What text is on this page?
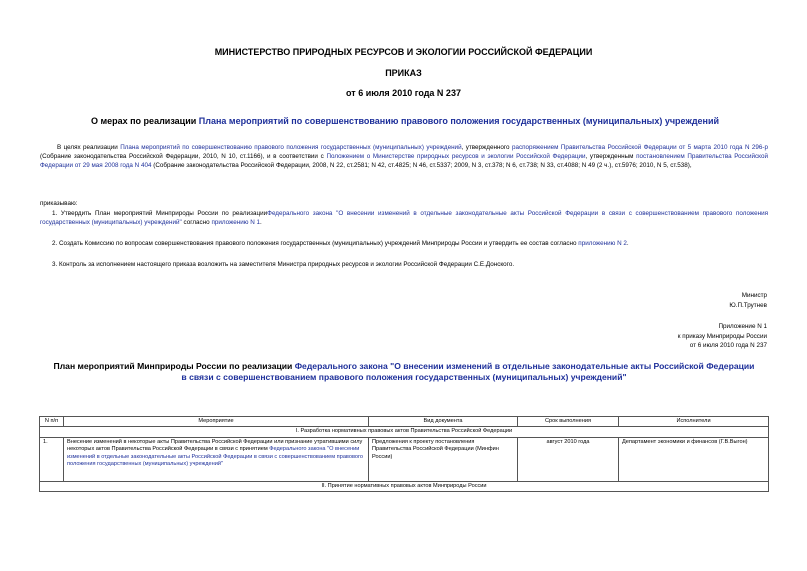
МИНИСТЕРСТВО ПРИРОДНЫХ РЕСУРСОВ И ЭКОЛОГИИ РОССИЙСКОЙ ФЕДЕРАЦИИ
ПРИКАЗ
от 6 июля 2010 года N 237
О мерах по реализации Плана мероприятий по совершенствованию правового положения государственных (муниципальных) учреждений
В целях реализации Плана мероприятий по совершенствованию правового положения государственных (муниципальных) учреждений, утвержденного распоряжением Правительства Российской Федерации от 5 марта 2010 года N 296-р (Собрание законодательства Российской Федерации, 2010, N 10, ст.1166), и в соответствии с Положением о Министерстве природных ресурсов и экологии Российской Федерации, утвержденным постановлением Правительства Российской Федерации от 29 мая 2008 года N 404 (Собрание законодательства Российской Федерации, 2008, N 22, ст.2581; N 42, ст.4825; N 46, ст.5337; 2009, N 3, ст.378; N 6, ст.738; N 33, ст.4088; N 49 (2 ч.), ст.5976; 2010, N 5, ст.538),
приказываю:
1. Утвердить План мероприятий Минприроды России по реализацииФедерального закона "О внесении изменений в отдельные законодательные акты Российской Федерации в связи с совершенствованием правового положения государственных (муниципальных) учреждений" согласно приложению N 1.
2. Создать Комиссию по вопросам совершенствования правового положения государственных (муниципальных) учреждений Минприроды России и утвердить ее состав согласно приложению N 2.
3. Контроль за исполнением настоящего приказа возложить на заместителя Министра природных ресурсов и экологии Российской Федерации С.Е.Донского.
Министр
Ю.П.Трутнев
Приложение N 1
к приказу Минприроды России
от 6 июля 2010 года N 237
План мероприятий Минприроды России по реализации Федерального закона "О внесении изменений в отдельные законодательные акты Российской Федерации
в связи с совершенствованием правового положения государственных (муниципальных) учреждений"
N п/п	Мероприятие	Вид документа	Срок выполнения	Исполнители
I. Разработка нормативных правовых актов Правительства Российской Федерации				
1.	Внесение изменений в некоторые акты Правительства Российской Федерации или признание утратившими силу некоторых актов Правительства Российской Федерации в связи с принятием Федерального закона "О внесении изменений в отдельные законодательные акты Российской Федерации в связи с совершенствованием правового положения государственных (муниципальных) учреждений"	Предложения к проекту постановления Правительства Российской Федерации (Минфин России)	август 2010 года	Департамент экономики и финансов (Г.В.Выгон)
II. Принятие нормативных правовых актов Минприроды России				
